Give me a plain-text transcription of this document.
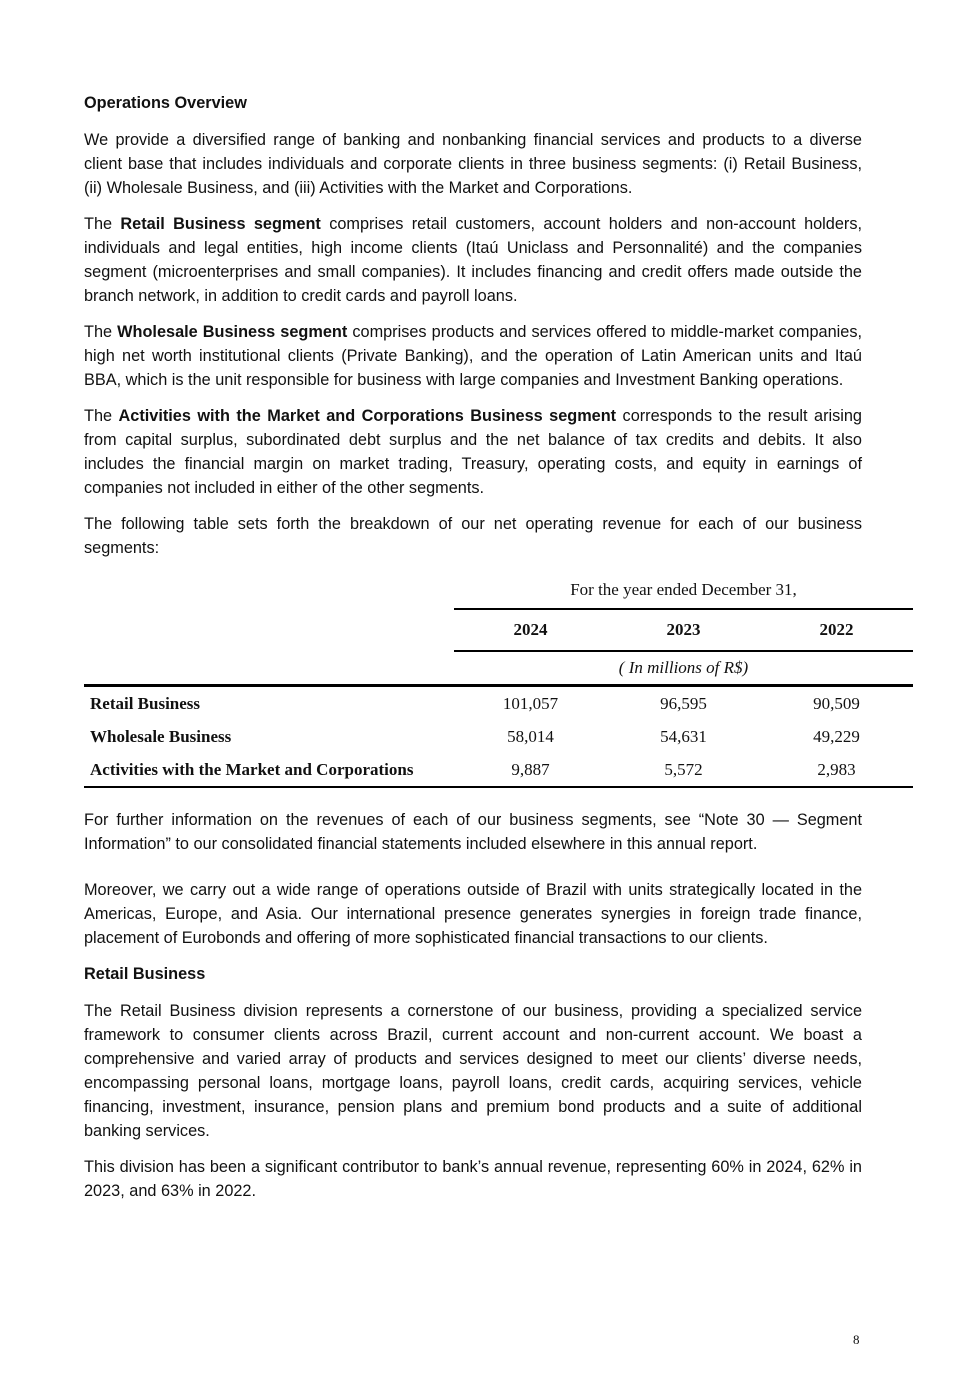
Operations Overview

We provide a diversified range of banking and nonbanking financial services and products to a diverse client base that includes individuals and corporate clients in three business segments: (i) Retail Business, (ii) Wholesale Business, and (iii) Activities with the Market and Corporations.

The Retail Business segment comprises retail customers, account holders and non-account holders, individuals and legal entities, high income clients (Itaú Uniclass and Personnalité) and the companies segment (microenterprises and small companies). It includes financing and credit offers made outside the branch network, in addition to credit cards and payroll loans.

The Wholesale Business segment comprises products and services offered to middle-market companies, high net worth institutional clients (Private Banking), and the operation of Latin American units and Itaú BBA, which is the unit responsible for business with large companies and Investment Banking operations.

The Activities with the Market and Corporations Business segment corresponds to the result arising from capital surplus, subordinated debt surplus and the net balance of tax credits and debits. It also includes the financial margin on market trading, Treasury, operating costs, and equity in earnings of companies not included in either of the other segments.

The following table sets forth the breakdown of our net operating revenue for each of our business segments:

	For the year ended December 31,		
	2024	2023	2022
	( In millions of R$)		

Retail Business	101,057	96,595	90,509
Wholesale Business	58,014	54,631	49,229
Activities with the Market and Corporations	9,887	5,572	2,983

For further information on the revenues of each of our business segments, see “Note 30 — Segment Information” to our consolidated financial statements included elsewhere in this annual report.

Moreover, we carry out a wide range of operations outside of Brazil with units strategically located in the Americas, Europe, and Asia. Our international presence generates synergies in foreign trade finance, placement of Eurobonds and offering of more sophisticated financial transactions to our clients.

Retail Business

The Retail Business division represents a cornerstone of our business, providing a specialized service framework to consumer clients across Brazil, current account and non-current account. We boast a comprehensive and varied array of products and services designed to meet our clients’ diverse needs, encompassing personal loans, mortgage loans, payroll loans, credit cards, acquiring services, vehicle financing, investment, insurance, pension plans and premium bond products and a suite of additional banking services.

This division has been a significant contributor to bank’s annual revenue, representing 60% in 2024, 62% in 2023, and 63% in 2022.

8
